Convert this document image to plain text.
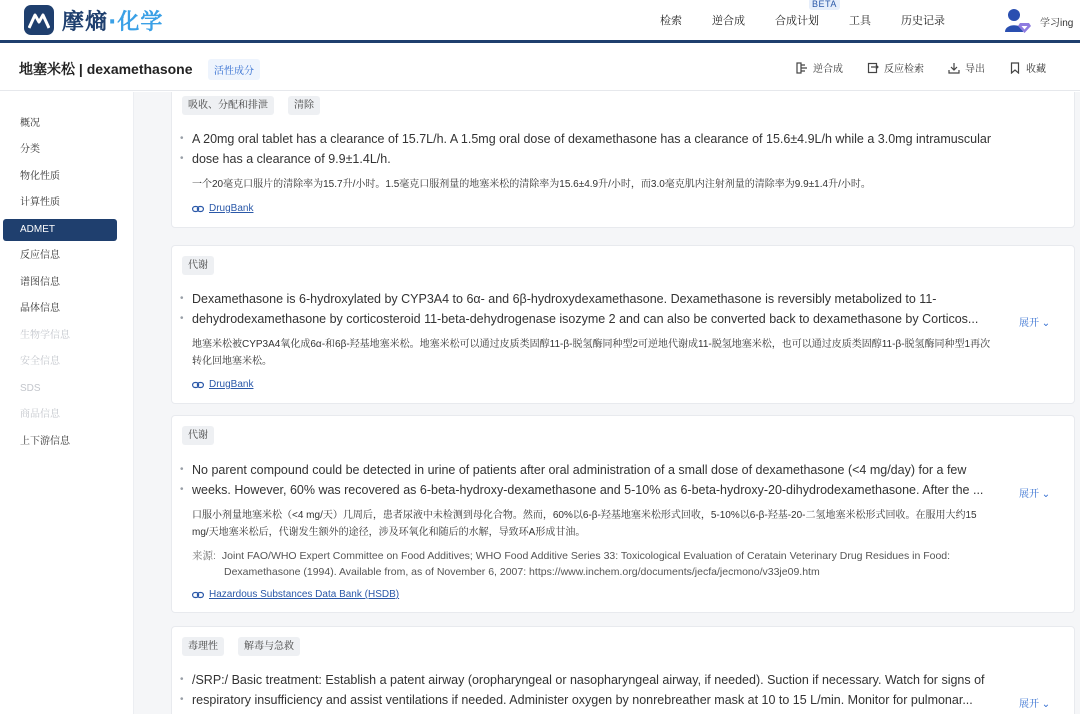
摩熵·化学	检索	逆合成	合成计划
BETA
工具	历史记录	学习ing
地塞米松 | dexamethasone	活性成分	逆合成	反应检索	导出	收藏
概况
分类
物化性质
计算性质
ADMET
反应信息
谱图信息
晶体信息
生物学信息
安全信息
SDS
商品信息
上下游信息
吸收、分配和排泄	清除
• A 20mg oral tablet has a clearance of 15.7L/h. A 1.5mg oral dose of dexamethasone has a clearance of 15.6±4.9L/h while a 3.0mg intramuscular
• dose has a clearance of 9.9±1.4L/h.
一个20毫克口服片的清除率为15.7升/小时。1.5毫克口服剂量的地塞米松的清除率为15.6±4.9升/小时，而3.0毫克肌内注射剂量的清除率为9.9±1.4升/小时。
DrugBank
代谢
• Dexamethasone is 6-hydroxylated by CYP3A4 to 6α- and 6β-hydroxydexamethasone. Dexamethasone is reversibly metabolized to 11-
• dehydrodexamethasone by corticosteroid 11-beta-dehydrogenase isozyme 2 and can also be converted back to dexamethasone by Corticos...	展开 ⌄
地塞米松被CYP3A4氧化成6α-和6β-羟基地塞米松。地塞米松可以通过皮质类固醇11-β-脱氢酶同种型2可逆地代谢成11-脱氢地塞米松，也可以通过皮质类固醇11-β-脱氢酶同种型1再次
转化回地塞米松。
DrugBank
代谢
• No parent compound could be detected in urine of patients after oral administration of a small dose of dexamethasone (<4 mg/day) for a few
• weeks. However, 60% was recovered as 6-beta-hydroxy-dexamethasone and 5-10% as 6-beta-hydroxy-20-dihydrodexamethasone. After the ...	展开 ⌄
口服小剂量地塞米松（<4 mg/天）几周后，患者尿液中未检测到母化合物。然而，60%以6-β-羟基地塞米松形式回收，5-10%以6-β-羟基-20-二氢地塞米松形式回收。在服用大约15
mg/天地塞米松后，代谢发生额外的途径，涉及环氧化和随后的水解，导致环A形成甘油。
来源: Joint FAO/WHO Expert Committee on Food Additives; WHO Food Additive Series 33: Toxicological Evaluation of Ceratain Veterinary Drug Residues in Food:
Dexamethasone (1994). Available from, as of November 6, 2007: https://www.inchem.org/documents/jecfa/jecmono/v33je09.htm
Hazardous Substances Data Bank (HSDB)
毒理性	解毒与急救
• /SRP:/ Basic treatment: Establish a patent airway (oropharyngeal or nasopharyngeal airway, if needed). Suction if necessary. Watch for signs of
• respiratory insufficiency and assist ventilations if needed. Administer oxygen by nonrebreather mask at 10 to 15 L/min. Monitor for pulmonar...	展开 ⌄
